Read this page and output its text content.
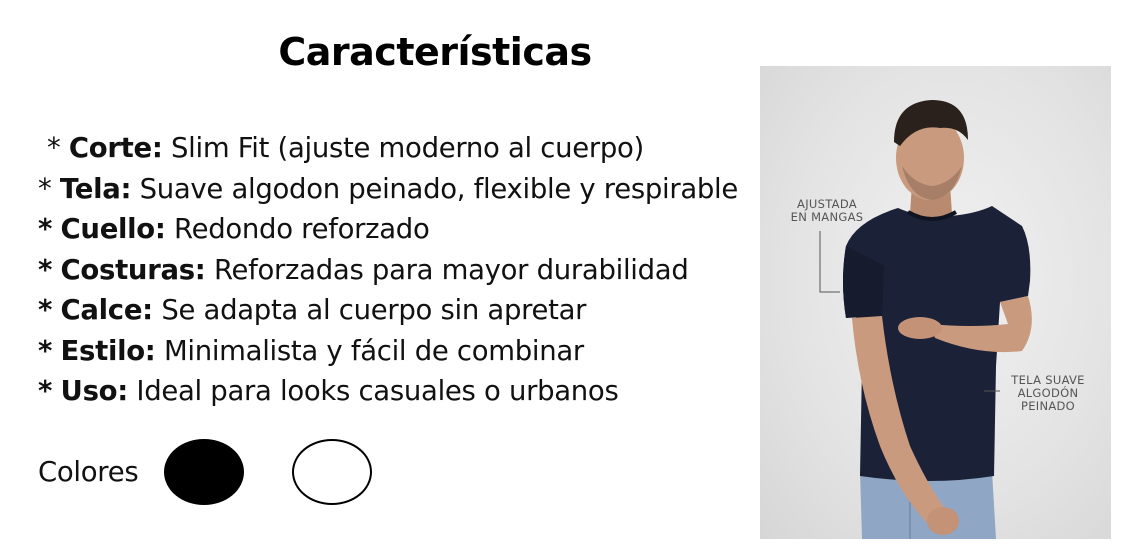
Características
* Corte: Slim Fit (ajuste moderno al cuerpo)
* Tela: Suave algodon peinado, flexible y respirable
* Cuello: Redondo reforzado
* Costuras: Reforzadas para mayor durabilidad
* Calce: Se adapta al cuerpo sin apretar
* Estilo: Minimalista y fácil de combinar
* Uso: Ideal para looks casuales o urbanos
Colores
AJUSTADA
EN MANGAS
TELA SUAVE
ALGODÓN
PEINADO
